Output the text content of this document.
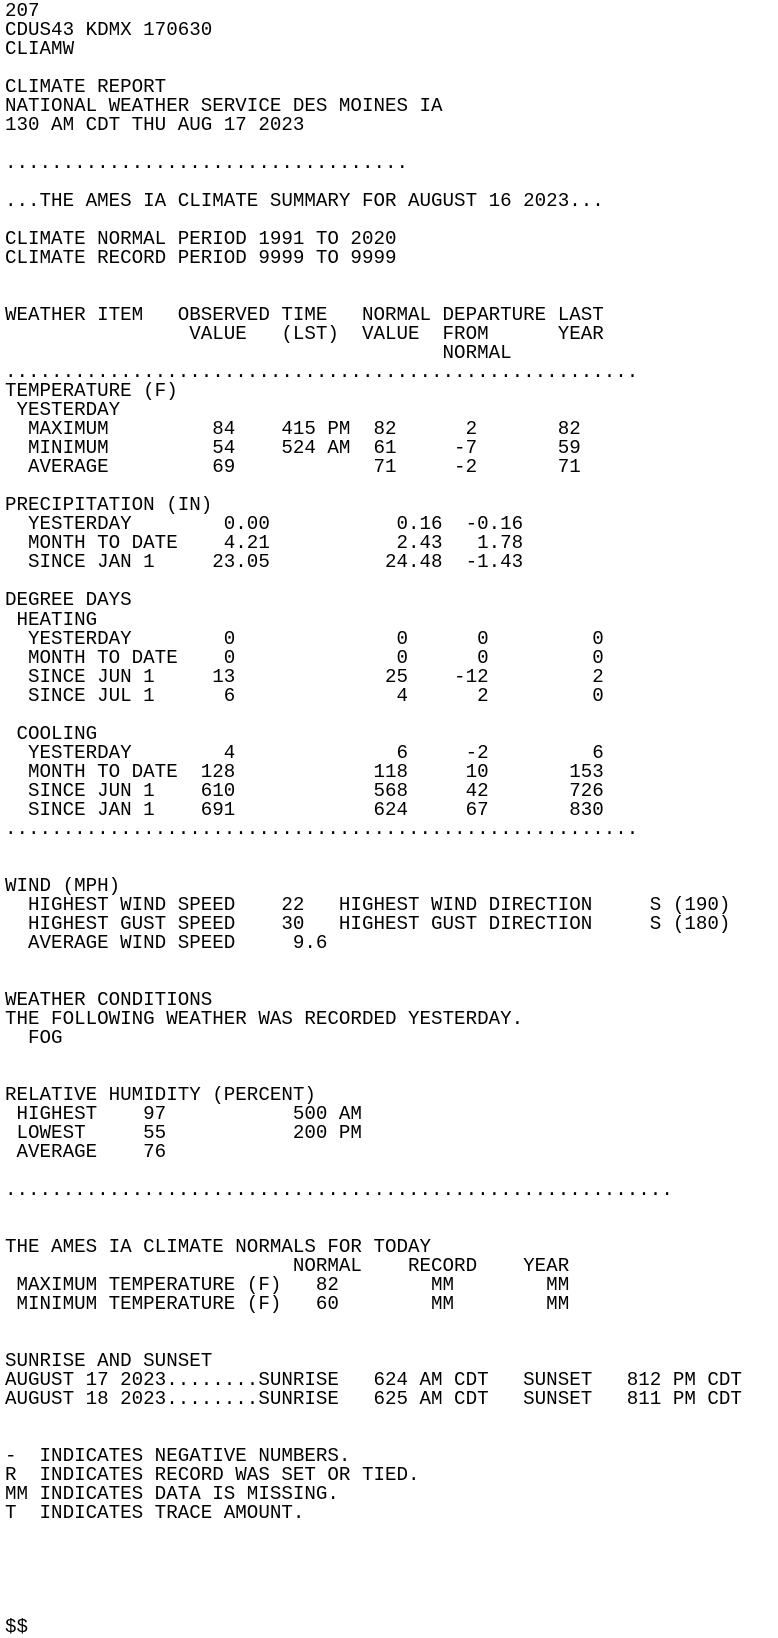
207
CDUS43 KDMX 170630
CLIAMW
CLIMATE REPORT
NATIONAL WEATHER SERVICE DES MOINES IA
130 AM CDT THU AUG 17 2023
...................................
...THE AMES IA CLIMATE SUMMARY FOR AUGUST 16 2023...
CLIMATE NORMAL PERIOD 1991 TO 2020
CLIMATE RECORD PERIOD 9999 TO 9999
WEATHER ITEM   OBSERVED TIME   NORMAL DEPARTURE LAST
VALUE   (LST)  VALUE  FROM      YEAR
NORMAL
.......................................................
TEMPERATURE (F)
YESTERDAY
MAXIMUM         84    415 PM  82      2       82
MINIMUM         54    524 AM  61     -7       59
AVERAGE         69            71     -2       71
PRECIPITATION (IN)
YESTERDAY        0.00           0.16  -0.16
MONTH TO DATE    4.21           2.43   1.78
SINCE JAN 1     23.05          24.48  -1.43
DEGREE DAYS
HEATING
YESTERDAY        0              0      0         0
MONTH TO DATE    0              0      0         0
SINCE JUN 1     13             25    -12         2
SINCE JUL 1      6              4      2         0
COOLING
YESTERDAY        4              6     -2         6
MONTH TO DATE  128            118     10       153
SINCE JUN 1    610            568     42       726
SINCE JAN 1    691            624     67       830
.......................................................
WIND (MPH)
HIGHEST WIND SPEED    22   HIGHEST WIND DIRECTION     S (190)
HIGHEST GUST SPEED    30   HIGHEST GUST DIRECTION     S (180)
AVERAGE WIND SPEED     9.6
WEATHER CONDITIONS
THE FOLLOWING WEATHER WAS RECORDED YESTERDAY.
FOG
RELATIVE HUMIDITY (PERCENT)
HIGHEST    97           500 AM
LOWEST     55           200 PM
AVERAGE    76
..........................................................
THE AMES IA CLIMATE NORMALS FOR TODAY
NORMAL    RECORD    YEAR
MAXIMUM TEMPERATURE (F)   82        MM        MM
MINIMUM TEMPERATURE (F)   60        MM        MM
SUNRISE AND SUNSET
AUGUST 17 2023........SUNRISE   624 AM CDT   SUNSET   812 PM CDT
AUGUST 18 2023........SUNRISE   625 AM CDT   SUNSET   811 PM CDT
-  INDICATES NEGATIVE NUMBERS.
R  INDICATES RECORD WAS SET OR TIED.
MM INDICATES DATA IS MISSING.
T  INDICATES TRACE AMOUNT.
$$
